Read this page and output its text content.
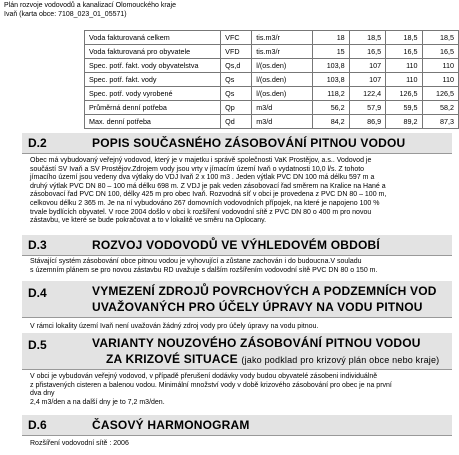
Plán rozvoje vodovodů a kanalizací Olomouckého kraje
Ivaň (karta obce: 7108_023_01_05571)
Voda fakturovaná celkem	VFC	tis.m3/r	18	18,5	18,5	18,5
Voda fakturovaná pro obyvatele	VFD	tis.m3/r	15	16,5	16,5	16,5
Spec. potř. fakt. vody obyvatelstva	Qs,d	l/(os.den)	103,8	107	110	110
Spec. potř. fakt. vody	Qs	l/(os.den)	103,8	107	110	110
Spec. potř. vody vyrobené	Qs	l/(os.den)	118,2	122,4	126,5	126,5
Průměrná denní potřeba	Qp	m3/d	56,2	57,9	59,5	58,2
Max. denní potřeba	Qd	m3/d	84,2	86,9	89,2	87,3
D.2	POPIS SOUČASNÉHO ZÁSOBOVÁNÍ PITNOU VODOU
Obec má vybudovaný veřejný vodovod, který je v majetku i správě společnosti VaK Prostějov, a.s.. Vodovod je
součástí SV Ivaň a SV Prostějov.Zdrojem vody jsou vrty v jímacím území Ivaň o vydatnosti 10,0 l/s. Z tohoto
jímacího území jsou vedeny dva výtlaky do VDJ Ivaň 2 x 100 m3 . Jeden výtlak PVC DN 100 má délku 597 m a
druhý výtlak PVC DN 80 – 100 má délku 698 m. Z VDJ je pak veden zásobovací řad směrem na Kralice na Hané a
zásobovací řad PVC DN 100, délky 425 m pro obec Ivaň. Rozvodná síť v obci je provedena z PVC DN 80 – 100 m,
celkovou délku 2 365 m. Je na ní vybudováno 267 domovních vodovodních přípojek, na které je napojeno 100 %
trvale bydlících obyvatel. V roce 2004 došlo v obci k rozšíření vodovodní sítě z PVC DN 80 o 400 m pro novou
zástavbu, ve které se bude pokračovat a to v lokalitě ve směru na Oplocany.
D.3	ROZVOJ VODOVODŮ VE VÝHLEDOVÉM OBDOBÍ
Stávající systém zásobování obce pitnou vodou je vyhovující a zůstane zachován i do budoucna.V souladu
s územním plánem se pro novou zástavbu RD uvažuje s dalším rozšířením vodovodní sítě PVC DN 80 o 150 m.
D.4	VYMEZENÍ ZDROJŮ POVRCHOVÝCH A PODZEMNÍCH VOD
UVAŽOVANÝCH PRO ÚČELY ÚPRAVY NA VODU PITNOU
V rámci lokality území Ivaň není uvažován žádný zdroj vody pro účely úpravy na vodu pitnou.
D.5	VARIANTY NOUZOVÉHO ZÁSOBOVÁNÍ PITNOU VODOU
ZA KRIZOVÉ SITUACE (jako podklad pro krizový plán obce nebo kraje)
V obci je vybudován veřejný vodovod, v případě přerušení dodávky vody budou obyvatelé zásobeni individuálně
z přistavených cisteren a balenou vodou. Minimální množství vody v době krizového zásobování pro obec je na první
dva dny
2,4 m3/den a na další dny je to 7,2 m3/den.
D.6	ČASOVÝ HARMONOGRAM
Rozšíření vodovodní sítě : 2006
